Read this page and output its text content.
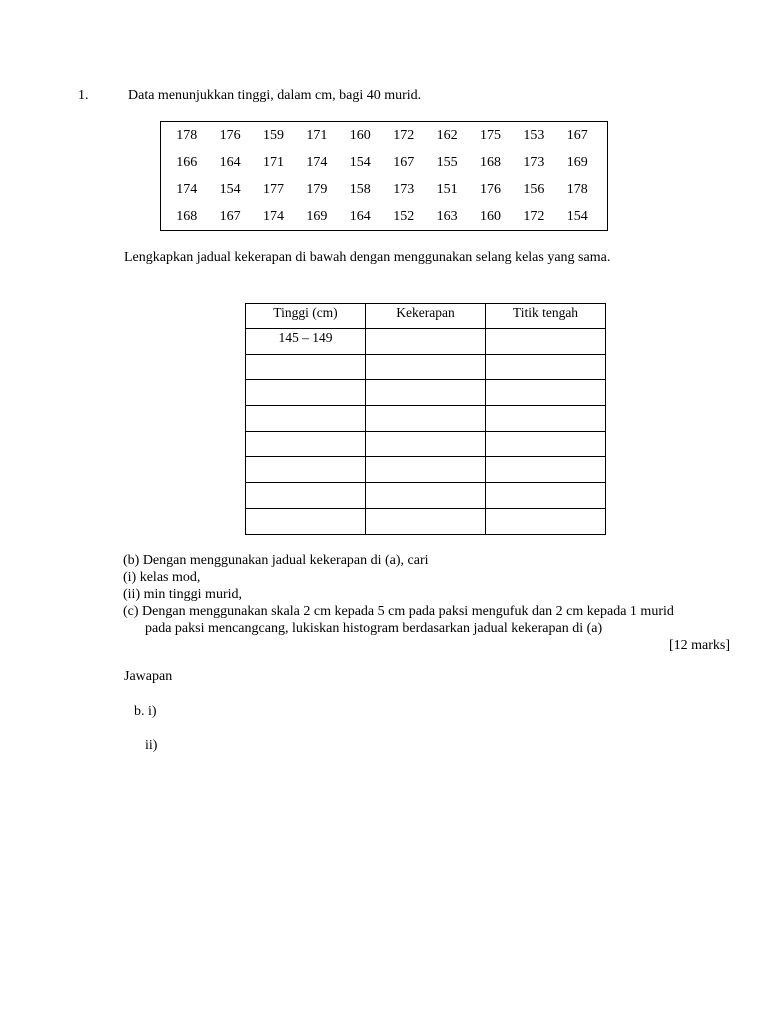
1.	Data menunjukkan tinggi, dalam cm, bagi 40 murid.
178	176	159	171	160	172	162	175	153	167
166	164	171	174	154	167	155	168	173	169
174	154	177	179	158	173	151	176	156	178
168	167	174	169	164	152	163	160	172	154
Lengkapkan jadual kekerapan di bawah dengan menggunakan selang kelas yang sama.
Tinggi (cm)	Kekerapan	Titik tengah
145 – 149		

(b) Dengan menggunakan jadual kekerapan di (a), cari
(i) kelas mod,
(ii) min tinggi murid,
(c) Dengan menggunakan skala 2 cm kepada 5 cm pada paksi mengufuk dan 2 cm kepada 1 murid
pada paksi mencangcang, lukiskan histogram berdasarkan jadual kekerapan di (a)
[12 marks]
Jawapan
b. i)
ii)
